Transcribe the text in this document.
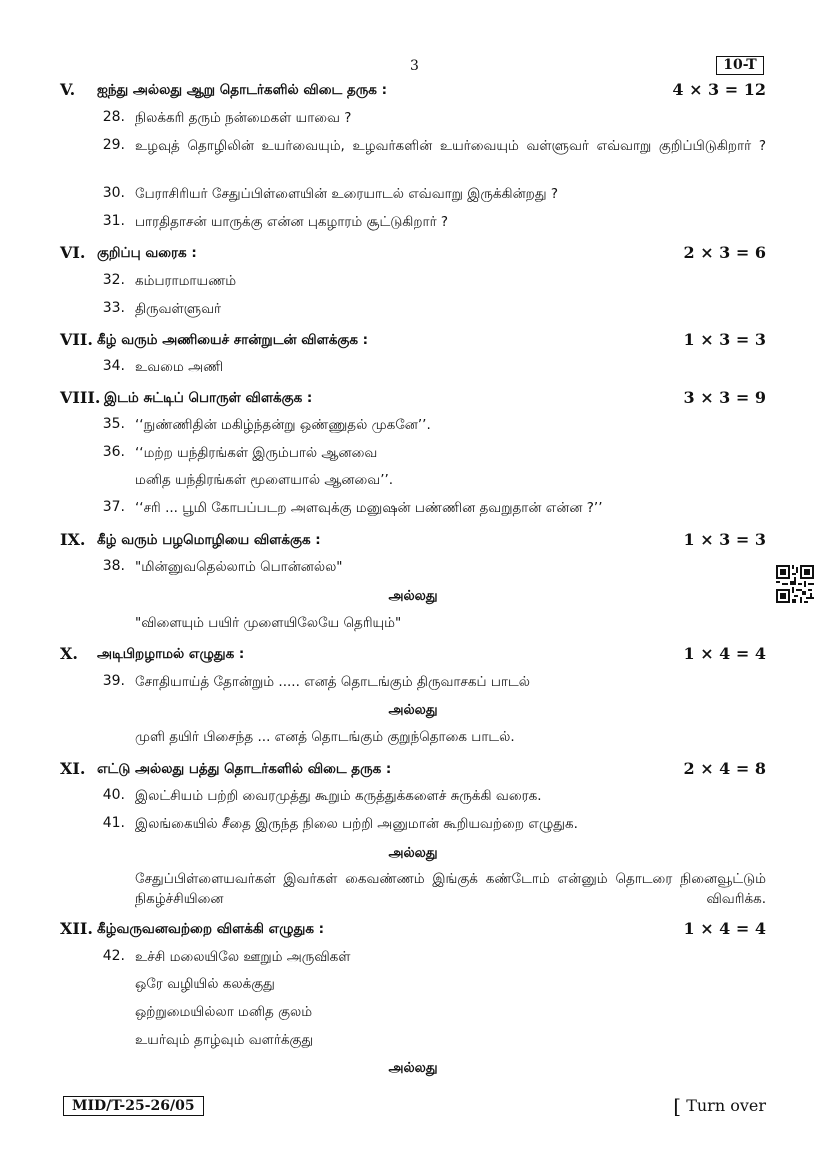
3	10-T
V. ஐந்து அல்லது ஆறு தொடர்களில் விடை தருக :	4 × 3 = 12
28. நிலக்கரி தரும் நன்மைகள் யாவை ?
29. உழவுத் தொழிலின் உயர்வையும், உழவர்களின் உயர்வையும் வள்ளுவர் எவ்வாறு குறிப்பிடுகிறார் ?
30. பேராசிரியர் சேதுப்பிள்ளையின் உரையாடல் எவ்வாறு இருக்கின்றது ?
31. பாரதிதாசன் யாருக்கு என்ன புகழாரம் சூட்டுகிறார் ?
VI. குறிப்பு வரைக :	2 × 3 = 6
32. கம்பராமாயணம்
33. திருவள்ளுவர்
VII. கீழ் வரும் அணியைச் சான்றுடன் விளக்குக :	1 × 3 = 3
34. உவமை அணி
VIII. இடம் சுட்டிப் பொருள் விளக்குக :	3 × 3 = 9
35. ‘‘நுண்ணிதின் மகிழ்ந்தன்று ஒண்ணுதல் முகனே’’.
36. ‘‘மற்ற யந்திரங்கள் இரும்பால் ஆனவை
மனித யந்திரங்கள் மூளையால் ஆனவை’’.
37. ‘‘சரி ... பூமி கோபப்படற அளவுக்கு மனுஷன் பண்ணின தவறுதான் என்ன ?’’
IX. கீழ் வரும் பழமொழியை விளக்குக :	1 × 3 = 3
38. "மின்னுவதெல்லாம் பொன்னல்ல"
அல்லது
"விளையும் பயிர் முளையிலேயே தெரியும்"
X. அடிபிறழாமல் எழுதுக :	1 × 4 = 4
39. சோதியாய்த் தோன்றும் ..... எனத் தொடங்கும் திருவாசகப் பாடல்
அல்லது
முளி தயிர் பிசைந்த ... எனத் தொடங்கும் குறுந்தொகை பாடல்.
XI. எட்டு அல்லது பத்து தொடர்களில் விடை தருக :	2 × 4 = 8
40. இலட்சியம் பற்றி வைரமுத்து கூறும் கருத்துக்களைச் சுருக்கி வரைக.
41. இலங்கையில் சீதை இருந்த நிலை பற்றி அனுமான் கூறியவற்றை எழுதுக.
அல்லது
சேதுப்பிள்ளையவர்கள் இவர்கள் கைவண்ணம் இங்குக் கண்டோம் என்னும் தொடரை நினைவூட்டும் நிகழ்ச்சியினை விவரிக்க.
XII. கீழ்வருவனவற்றை விளக்கி எழுதுக :	1 × 4 = 4
42. உச்சி மலையிலே ஊறும் அருவிகள்
ஒரே வழியில் கலக்குது
ஒற்றுமையில்லா மனித குலம்
உயர்வும் தாழ்வும் வளர்க்குது
அல்லது
MID/T-25-26/05	[ Turn over
